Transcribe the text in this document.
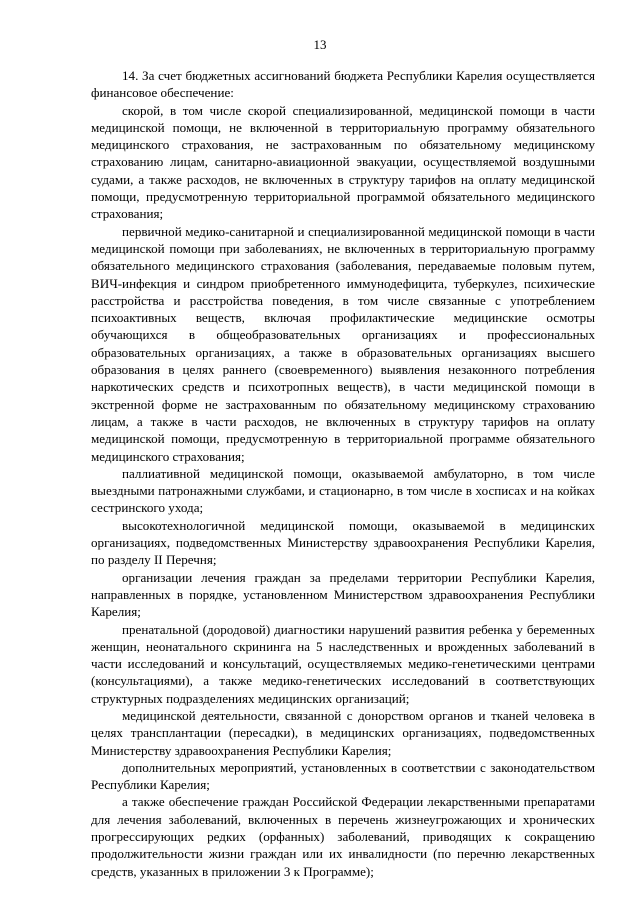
13

14. За счет бюджетных ассигнований бюджета Республики Карелия осуществляется финансовое обеспечение:

скорой, в том числе скорой специализированной, медицинской помощи в части медицинской помощи, не включенной в территориальную программу обязательного медицинского страхования, не застрахованным по обязательному медицинскому страхованию лицам, санитарно-авиационной эвакуации, осуществляемой воздушными судами, а также расходов, не включенных в структуру тарифов на оплату медицинской помощи, предусмотренную территориальной программой обязательного медицинского страхования;

первичной медико-санитарной и специализированной медицинской помощи в части медицинской помощи при заболеваниях, не включенных в территориальную программу обязательного медицинского страхования (заболевания, передаваемые половым путем, ВИЧ-инфекция и синдром приобретенного иммунодефицита, туберкулез, психические расстройства и расстройства поведения, в том числе связанные с употреблением психоактивных веществ, включая профилактические медицинские осмотры обучающихся в общеобразовательных организациях и профессиональных образовательных организациях, а также в образовательных организациях высшего образования в целях раннего (своевременного) выявления незаконного потребления наркотических средств и психотропных веществ), в части медицинской помощи в экстренной форме не застрахованным по обязательному медицинскому страхованию лицам, а также в части расходов, не включенных в структуру тарифов на оплату медицинской помощи, предусмотренную в территориальной программе обязательного медицинского страхования;

паллиативной медицинской помощи, оказываемой амбулаторно, в том числе выездными патронажными службами, и стационарно, в том числе в хосписах и на койках сестринского ухода;

высокотехнологичной медицинской помощи, оказываемой в медицинских организациях, подведомственных Министерству здравоохранения Республики Карелия, по разделу II Перечня;

организации лечения граждан за пределами территории Республики Карелия, направленных в порядке, установленном Министерством здравоохранения Республики Карелия;

пренатальной (дородовой) диагностики нарушений развития ребенка у беременных женщин, неонатального скрининга на 5 наследственных и врожденных заболеваний в части исследований и консультаций, осуществляемых медико-генетическими центрами (консультациями), а также медико-генетических исследований в соответствующих структурных подразделениях медицинских организаций;

медицинской деятельности, связанной с донорством органов и тканей человека в целях трансплантации (пересадки), в медицинских организациях, подведомственных Министерству здравоохранения Республики Карелия;

дополнительных мероприятий, установленных в соответствии с законодательством Республики Карелия;

а также обеспечение граждан Российской Федерации лекарственными препаратами для лечения заболеваний, включенных в перечень жизнеугрожающих и хронических прогрессирующих редких (орфанных) заболеваний, приводящих к сокращению продолжительности жизни граждан или их инвалидности (по перечню лекарственных средств, указанных в приложении 3 к Программе);
